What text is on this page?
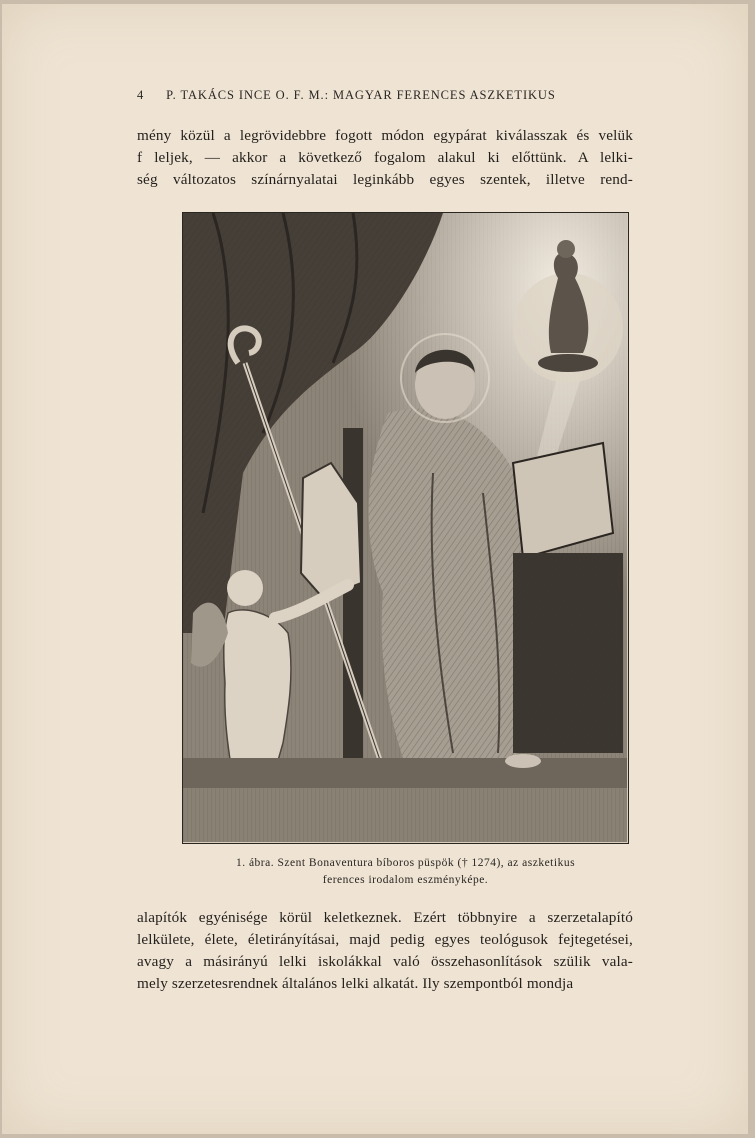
4 P. TAKÁCS INCE O. F. M.: MAGYAR FERENCES ASZKETIKUS

mény közül a legrövidebbre fogott módon egypárat kiválasszak és velük
f leljek, — akkor a következő fogalom alakul ki előttünk. A lelki-
ség változatos színárnyalatai leginkább egyes szentek, illetve rend-

1. ábra. Szent Bonaventura bíboros püspök († 1274), az aszketikus
ferences irodalom eszményképe.

alapítók egyénisége körül keletkeznek. Ezért többnyire a szerzetalapító
lelkülete, élete, életirányításai, majd pedig egyes teológusok fejtegetései,
avagy a másirányú lelki iskolákkal való összehasonlítások szülik vala-
mely szerzetesrendnek általános lelki alkatát. Ily szempontból mondja
